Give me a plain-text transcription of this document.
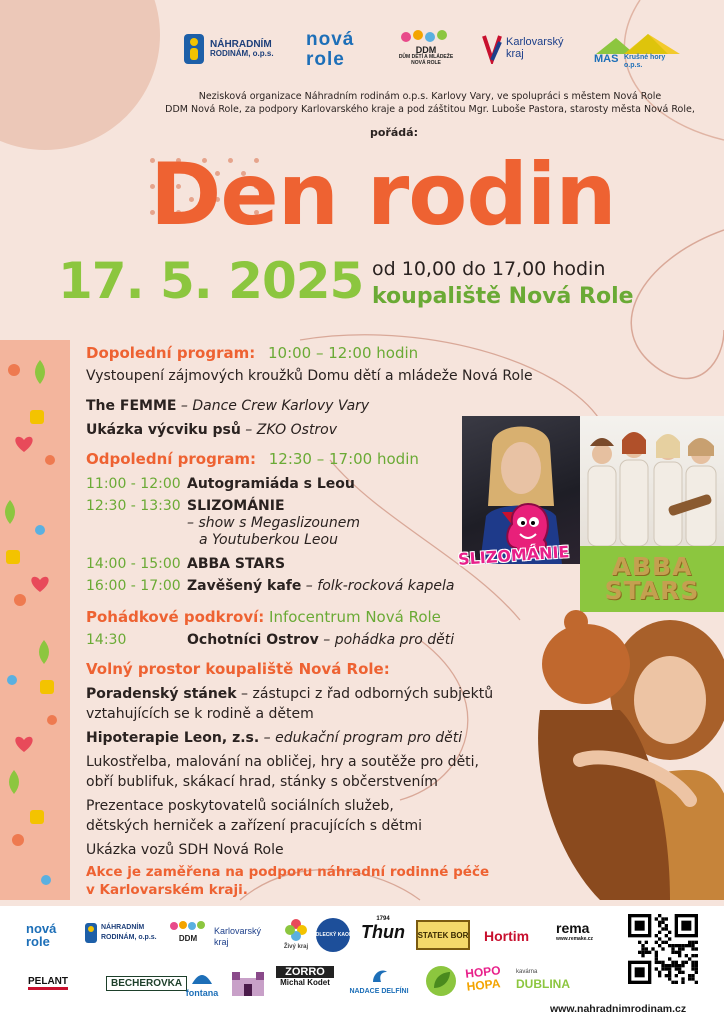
NÁHRADNÍM
RODINÁM, o.p.s.
nová
role	DDM
DŮM DĚTÍ A MLÁDEŽE NOVÁ ROLE
Karlovarský
kraj	MAS Krušné hory
o.p.s.
Nezisková organizace Náhradním rodinám o.p.s. Karlovy Vary, ve spolupráci s městem Nová Role
DDM Nová Role, za podpory Karlovarského kraje a pod záštitou Mgr. Luboše Pastora, starosty města Nová Role,
pořádá:
Den rodin
17. 5. 2025 od 10,00 do 17,00 hodin
koupaliště Nová Role
Dopolední program: 10:00 – 12:00 hodin
Vystoupení zájmových kroužků Domu dětí a mládeže Nová Role
The FEMME – Dance Crew Karlovy Vary
Ukázka výcviku psů – ZKO Ostrov
Odpolední program: 12:30 – 17:00 hodin
11:00 - 12:00 Autogramiáda s Leou
12:30 - 13:30 SLIZOMÁNIE
– show s Megaslizounem
a Youtuberkou Leou
14:00 - 15:00 ABBA STARS
16:00 - 17:00 Zavěšený kafe – folk-rocková kapela
Pohádkové podkroví: Infocentrum Nová Role
14:30	Ochotníci Ostrov – pohádka pro děti
Volný prostor koupaliště Nová Role:
Poradenský stánek – zástupci z řad odborných subjektů
vztahujících se k rodině a dětem
Hipoterapie Leon, z.s. – edukační program pro děti
Lukostřelba, malování na obličej, hry a soutěže pro děti,
obří bublifuk, skákací hrad, stánky s občerstvením
Prezentace poskytovatelů sociálních služeb,
dětských herniček a zařízení pracujících s dětmi
Ukázka vozů SDH Nová Role
Akce je zaměřena na podporu náhradní rodinné péče
v Karlovarském kraji.
ABBA
STARS
SLIZOMÁNIE
nová
role
NÁHRADNÍM
RODINÁM, o.p.s.	DDM
Karlovarský
kraj	Živý kraj
SEDLECKÝ KAOLIN
1794
Thun STATEK BOR Hortim rema
www.remake.cz
PELANT	BECHEROVKA
fontana
ZORRO
Michal Kodet
NADACE DELFÍNI
HOPO
HOPA
kavárna
DUBLINA
www.nahradnimrodinam.cz
